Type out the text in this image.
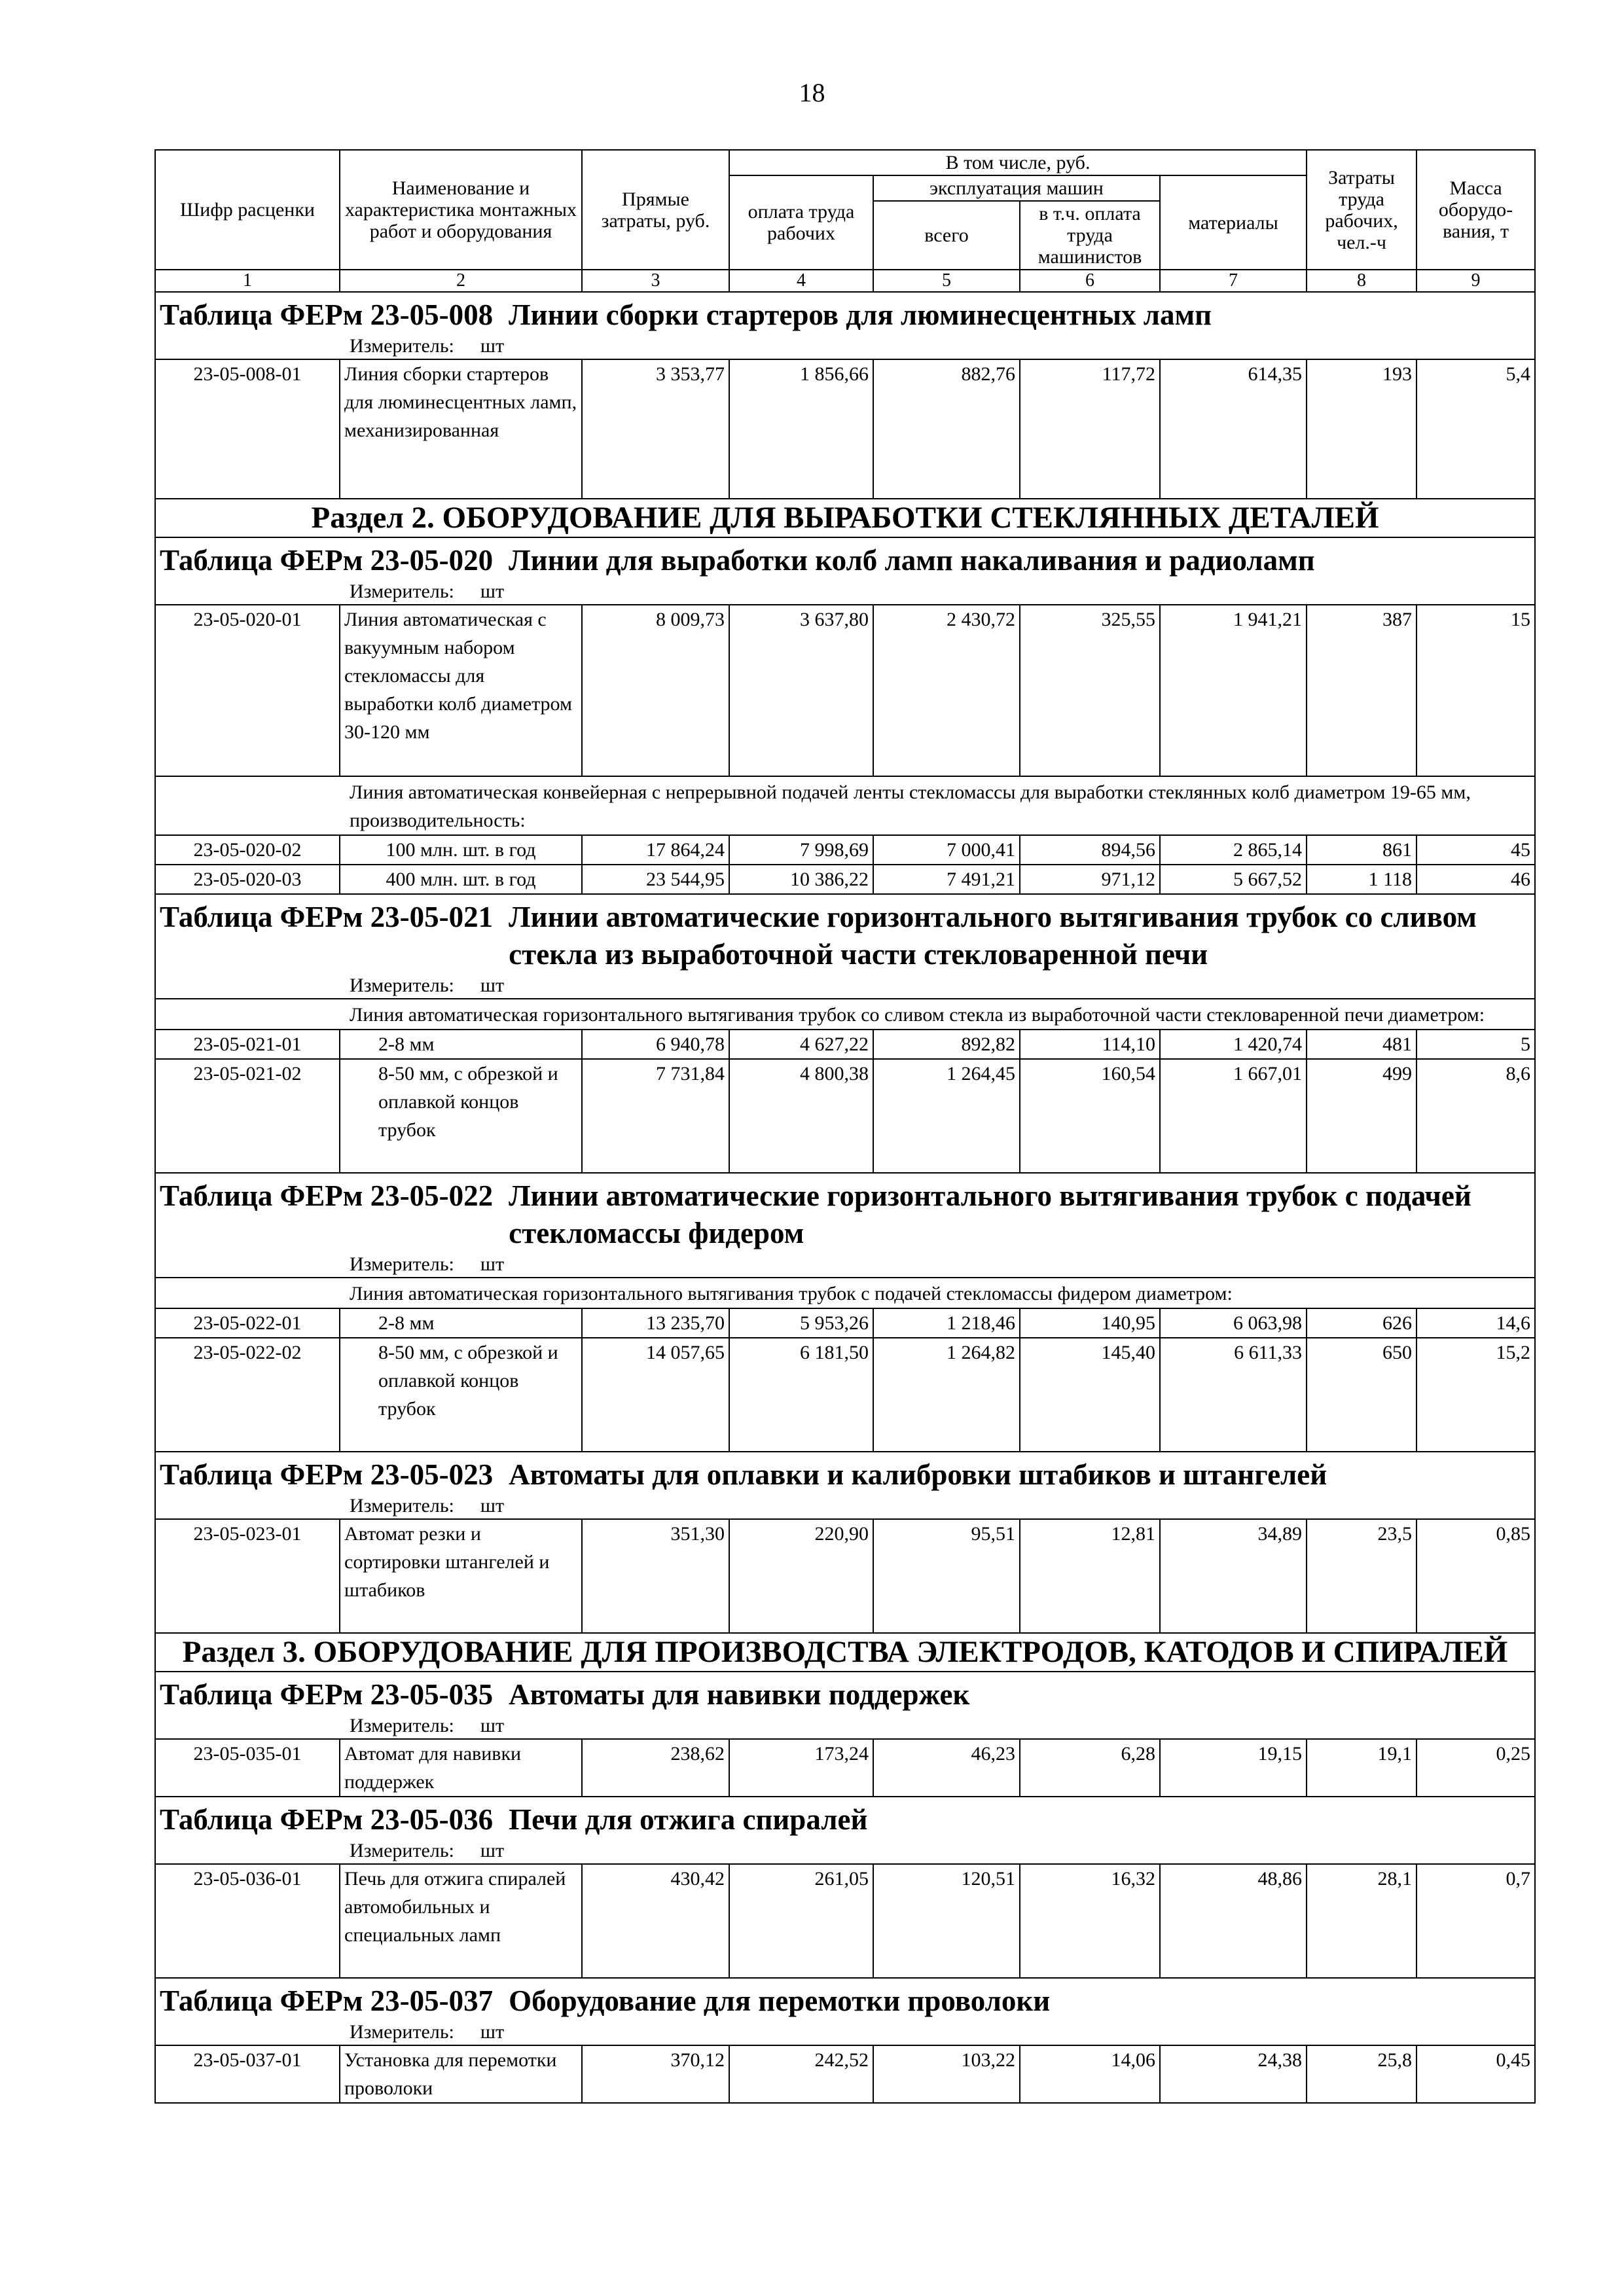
18
Шифр расценки	Наименование и характеристика монтажных работ и оборудования	Прямые затраты, руб.	В том числе, руб.				Затраты труда рабочих, чел.-ч	Масса оборудо-вания, т
			оплата труда рабочих	эксплуатация машин		материалы		
				всего	в т.ч. оплата труда машинистов			
1	2	3	4	5	6	7	8	9

Таблица ФЕРм 23-05-008 Линии сборки стартеров для люминесцентных ламп								

Измеритель: шт								

23-05-008-01	Линия сборки стартеров для люминесцентных ламп, механизированная	3 353,77	1 856,66	882,76	117,72	614,35	193	5,4
Раздел 2. ОБОРУДОВАНИЕ ДЛЯ ВЫРАБОТКИ СТЕКЛЯННЫХ ДЕТАЛЕЙ								

Таблица ФЕРм 23-05-020 Линии для выработки колб ламп накаливания и радиоламп								

Измеритель: шт								

23-05-020-01	Линия автоматическая с вакуумным набором стекломассы для выработки колб диаметром 30-120 мм	8 009,73	3 637,80	2 430,72	325,55	1 941,21	387	15

Линия автоматическая конвейерная с непрерывной подачей ленты стекломассы для выработки стеклянных колб диаметром 19-65 мм, производительность:								

23-05-020-02	100 млн. шт. в год	17 864,24	7 998,69	7 000,41	894,56	2 865,14	861	45
23-05-020-03	400 млн. шт. в год	23 544,95	10 386,22	7 491,21	971,12	5 667,52	1 118	46

Таблица ФЕРм 23-05-021 Линии автоматические горизонтального вытягивания трубок со сливом стекла из выработочной части стекловаренной печи								

Измеритель: шт								

Линия автоматическая горизонтального вытягивания трубок со сливом стекла из выработочной части стекловаренной печи диаметром:								

23-05-021-01	2-8 мм	6 940,78	4 627,22	892,82	114,10	1 420,74	481	5
23-05-021-02	8-50 мм, с обрезкой и оплавкой концов трубок	7 731,84	4 800,38	1 264,45	160,54	1 667,01	499	8,6

Таблица ФЕРм 23-05-022 Линии автоматические горизонтального вытягивания трубок с подачей стекломассы фидером								

Измеритель: шт								

Линия автоматическая горизонтального вытягивания трубок с подачей стекломассы фидером диаметром:								

23-05-022-01	2-8 мм	13 235,70	5 953,26	1 218,46	140,95	6 063,98	626	14,6
23-05-022-02	8-50 мм, с обрезкой и оплавкой концов трубок	14 057,65	6 181,50	1 264,82	145,40	6 611,33	650	15,2

Таблица ФЕРм 23-05-023 Автоматы для оплавки и калибровки штабиков и штангелей								

Измеритель: шт								

23-05-023-01	Автомат резки и сортировки штангелей и штабиков	351,30	220,90	95,51	12,81	34,89	23,5	0,85
Раздел 3. ОБОРУДОВАНИЕ ДЛЯ ПРОИЗВОДСТВА ЭЛЕКТРОДОВ, КАТОДОВ И СПИРАЛЕЙ								

Таблица ФЕРм 23-05-035 Автоматы для навивки поддержек								

Измеритель: шт								

23-05-035-01	Автомат для навивки поддержек	238,62	173,24	46,23	6,28	19,15	19,1	0,25

Таблица ФЕРм 23-05-036 Печи для отжига спиралей								

Измеритель: шт								

23-05-036-01	Печь для отжига спиралей автомобильных и специальных ламп	430,42	261,05	120,51	16,32	48,86	28,1	0,7

Таблица ФЕРм 23-05-037 Оборудование для перемотки проволоки								

Измеритель: шт								

23-05-037-01	Установка для перемотки проволоки	370,12	242,52	103,22	14,06	24,38	25,8	0,45
